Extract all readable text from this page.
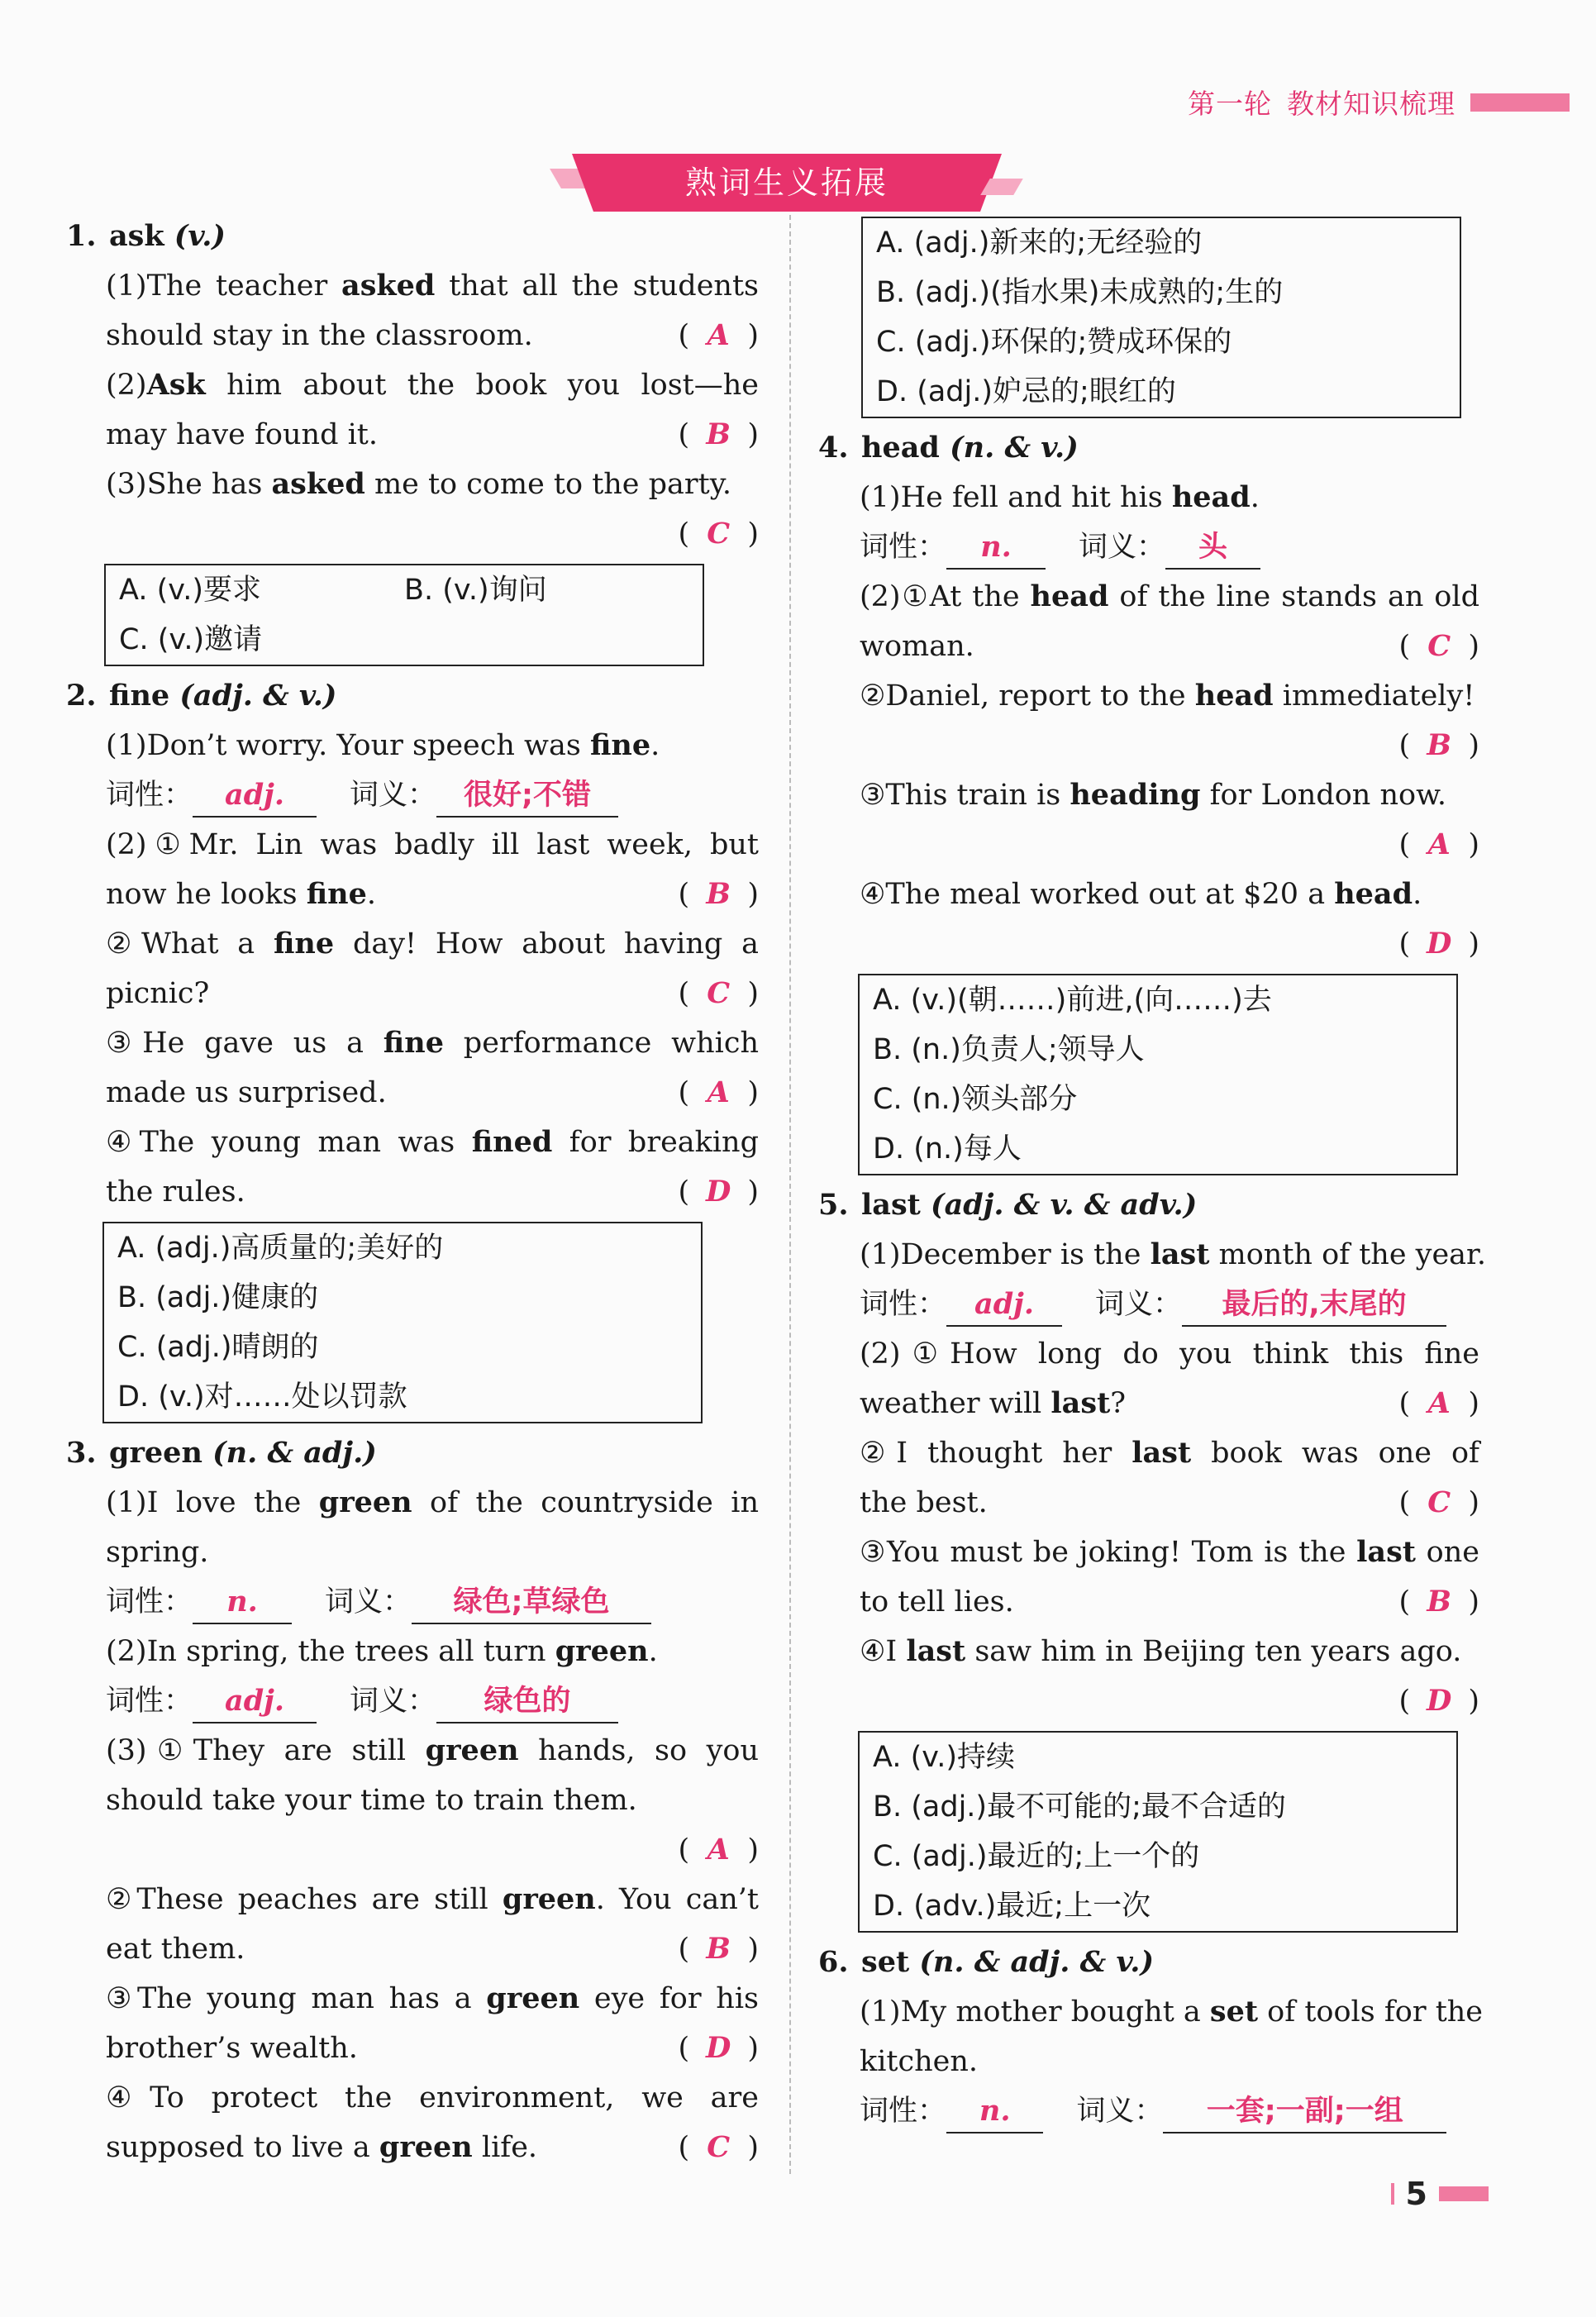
第一轮 教材知识梳理
熟词生义拓展
1. ask (v.)
(1)The teacher asked that all the students
should stay in the classroom.	( A )
(2)Ask him about the book you lost—he
may have found it.	( B )
(3)She has asked me to come to the party.
( C )
A. (v.)要求	B. (v.)询问
C. (v.)邀请
2. fine (adj. & v.)
(1)Don’t worry. Your speech was fine.
词性：	adj.	词义： 很好;不错
(2)①Mr. Lin was badly ill last week, but
now he looks fine.	( B )
②What a fine day! How about having a
picnic?	( C )
③He gave us a fine performance which
made us surprised.	( A )
④The young man was fined for breaking
the rules.	( D )
A. (adj.)高质量的;美好的
B. (adj.)健康的
C. (adj.)晴朗的
D. (v.)对……处以罚款
3. green (n. & adj.)
(1)I love the green of the countryside in
spring.
词性：	n.	词义：	绿色;草绿色
(2)In spring, the trees all turn green.
词性：	adj.	词义：	绿色的
(3)①They are still green hands, so you
should take your time to train them.
( A )
②These peaches are still green. You can’t
eat them.	( B )
③The young man has a green eye for his
brother’s wealth.	( D )
④To protect the environment, we are
supposed to live a green life.	( C )
A. (adj.)新来的;无经验的
B. (adj.)(指水果)未成熟的;生的
C. (adj.)环保的;赞成环保的
D. (adj.)妒忌的;眼红的
4. head (n. & v.)
(1)He fell and hit his head.
词性：	n.	词义：	头
(2)①At the head of the line stands an old
woman.	( C )
②Daniel, report to the head immediately!
( B )
③This train is heading for London now.
( A )
④The meal worked out at $20 a head.
( D )
A. (v.)(朝……)前进,(向……)去
B. (n.)负责人;领导人
C. (n.)领头部分
D. (n.)每人
5. last (adj. & v. & adv.)
(1)December is the last month of the year.
词性： adj.	词义：	最后的,末尾的
(2)①How long do you think this fine
weather will last?	( A )
②I thought her last book was one of
the best.	( C )
③You must be joking! Tom is the last one
to tell lies.	( B )
④I last saw him in Beijing ten years ago.
( D )
A. (v.)持续
B. (adj.)最不可能的;最不合适的
C. (adj.)最近的;上一个的
D. (adv.)最近;上一次
6. set (n. & adj. & v.)
(1)My mother bought a set of tools for the
kitchen.
词性：	n.	词义：	一套;一副;一组
5
